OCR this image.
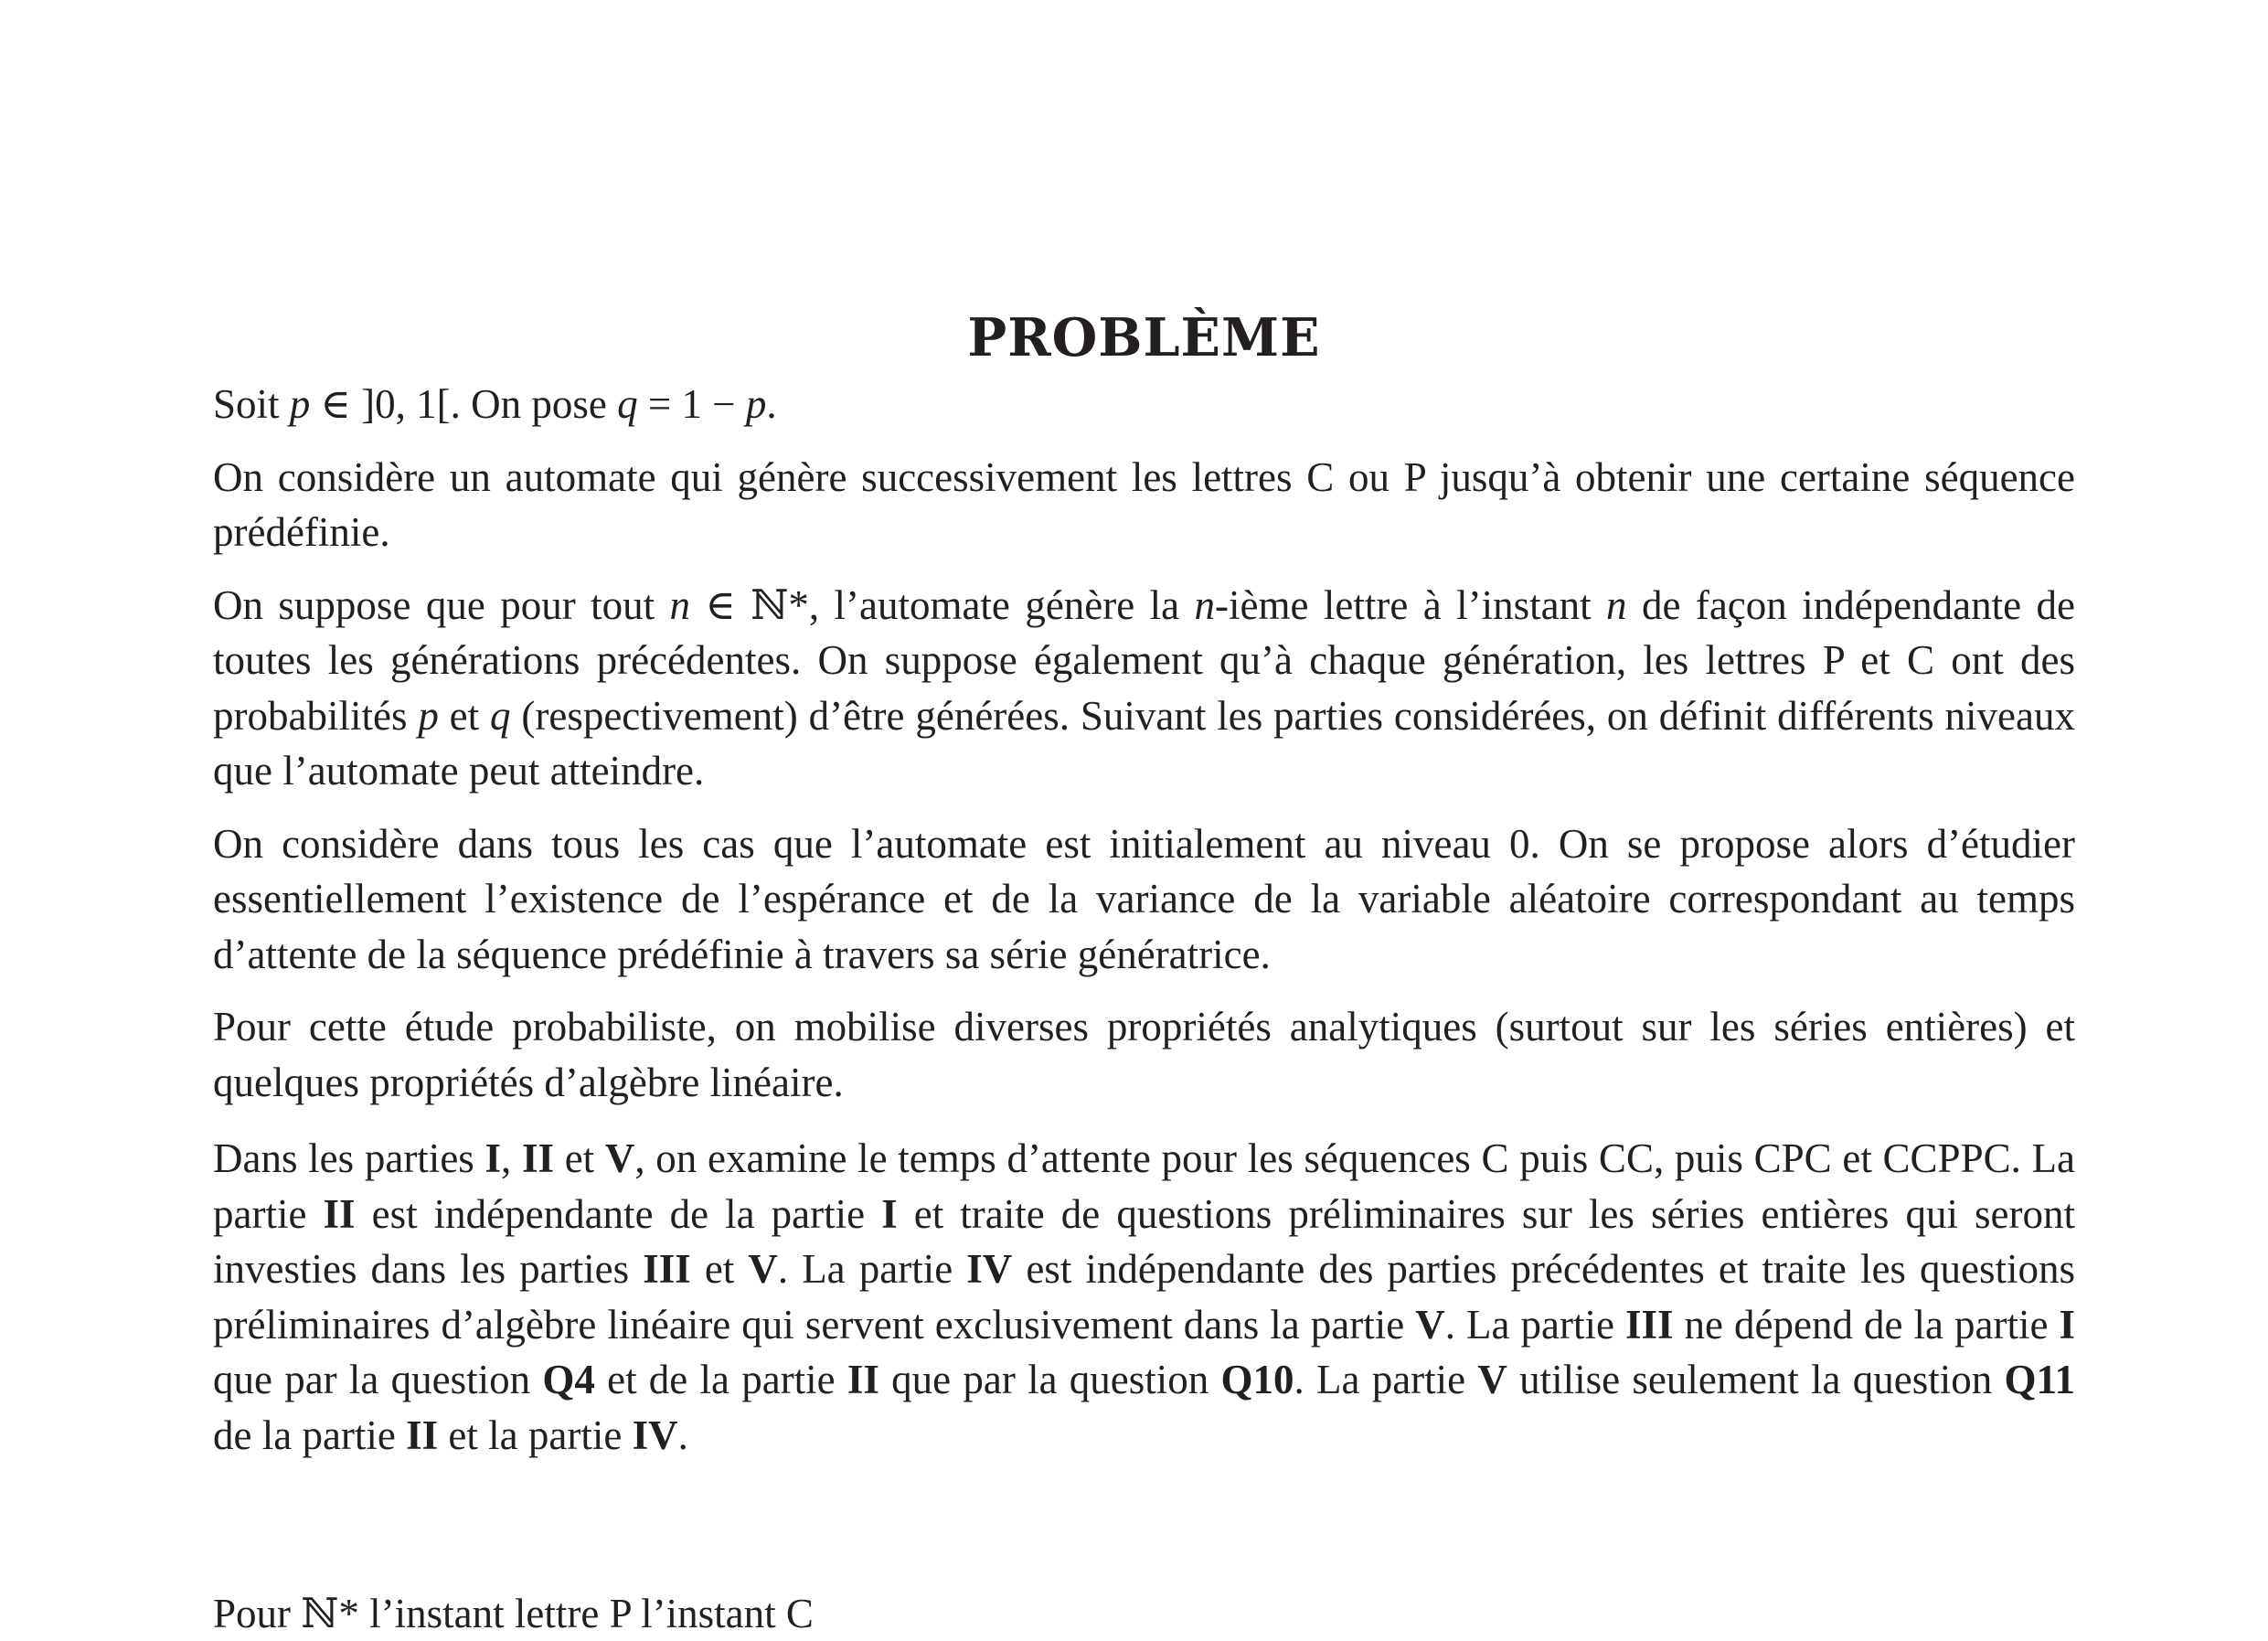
PROBLÈME

Soit p ∈ ]0, 1[. On pose q = 1 − p.

On considère un automate qui génère successivement les lettres C ou P jusqu’à obtenir une certaine séquence prédéfinie.

On suppose que pour tout n ∈ ℕ*, l’automate génère la n-ième lettre à l’instant n de façon indépendante de toutes les générations précédentes. On suppose également qu’à chaque génération, les lettres P et C ont des probabilités p et q (respectivement) d’être générées. Suivant les parties considérées, on définit différents niveaux que l’automate peut atteindre.

On considère dans tous les cas que l’automate est initialement au niveau 0. On se propose alors d’étudier essentiellement l’existence de l’espérance et de la variance de la variable aléatoire correspondant au temps d’attente de la séquence prédéfinie à travers sa série génératrice.

Pour cette étude probabiliste, on mobilise diverses propriétés analytiques (surtout sur les séries entières) et quelques propriétés d’algèbre linéaire.

Dans les parties I, II et V, on examine le temps d’attente pour les séquences C puis CC, puis CPC et CCPPC. La partie II est indépendante de la partie I et traite de questions préliminaires sur les séries entières qui seront investies dans les parties III et V. La partie IV est indépendante des parties précédentes et traite les questions préliminaires d’algèbre linéaire qui servent exclusivement dans la partie V. La partie III ne dépend de la partie I que par la question Q4 et de la partie II que par la question Q10. La partie V utilise seulement la question Q11 de la partie II et la partie IV.

Pour ℕ* l’instant lettre P l’instant C
